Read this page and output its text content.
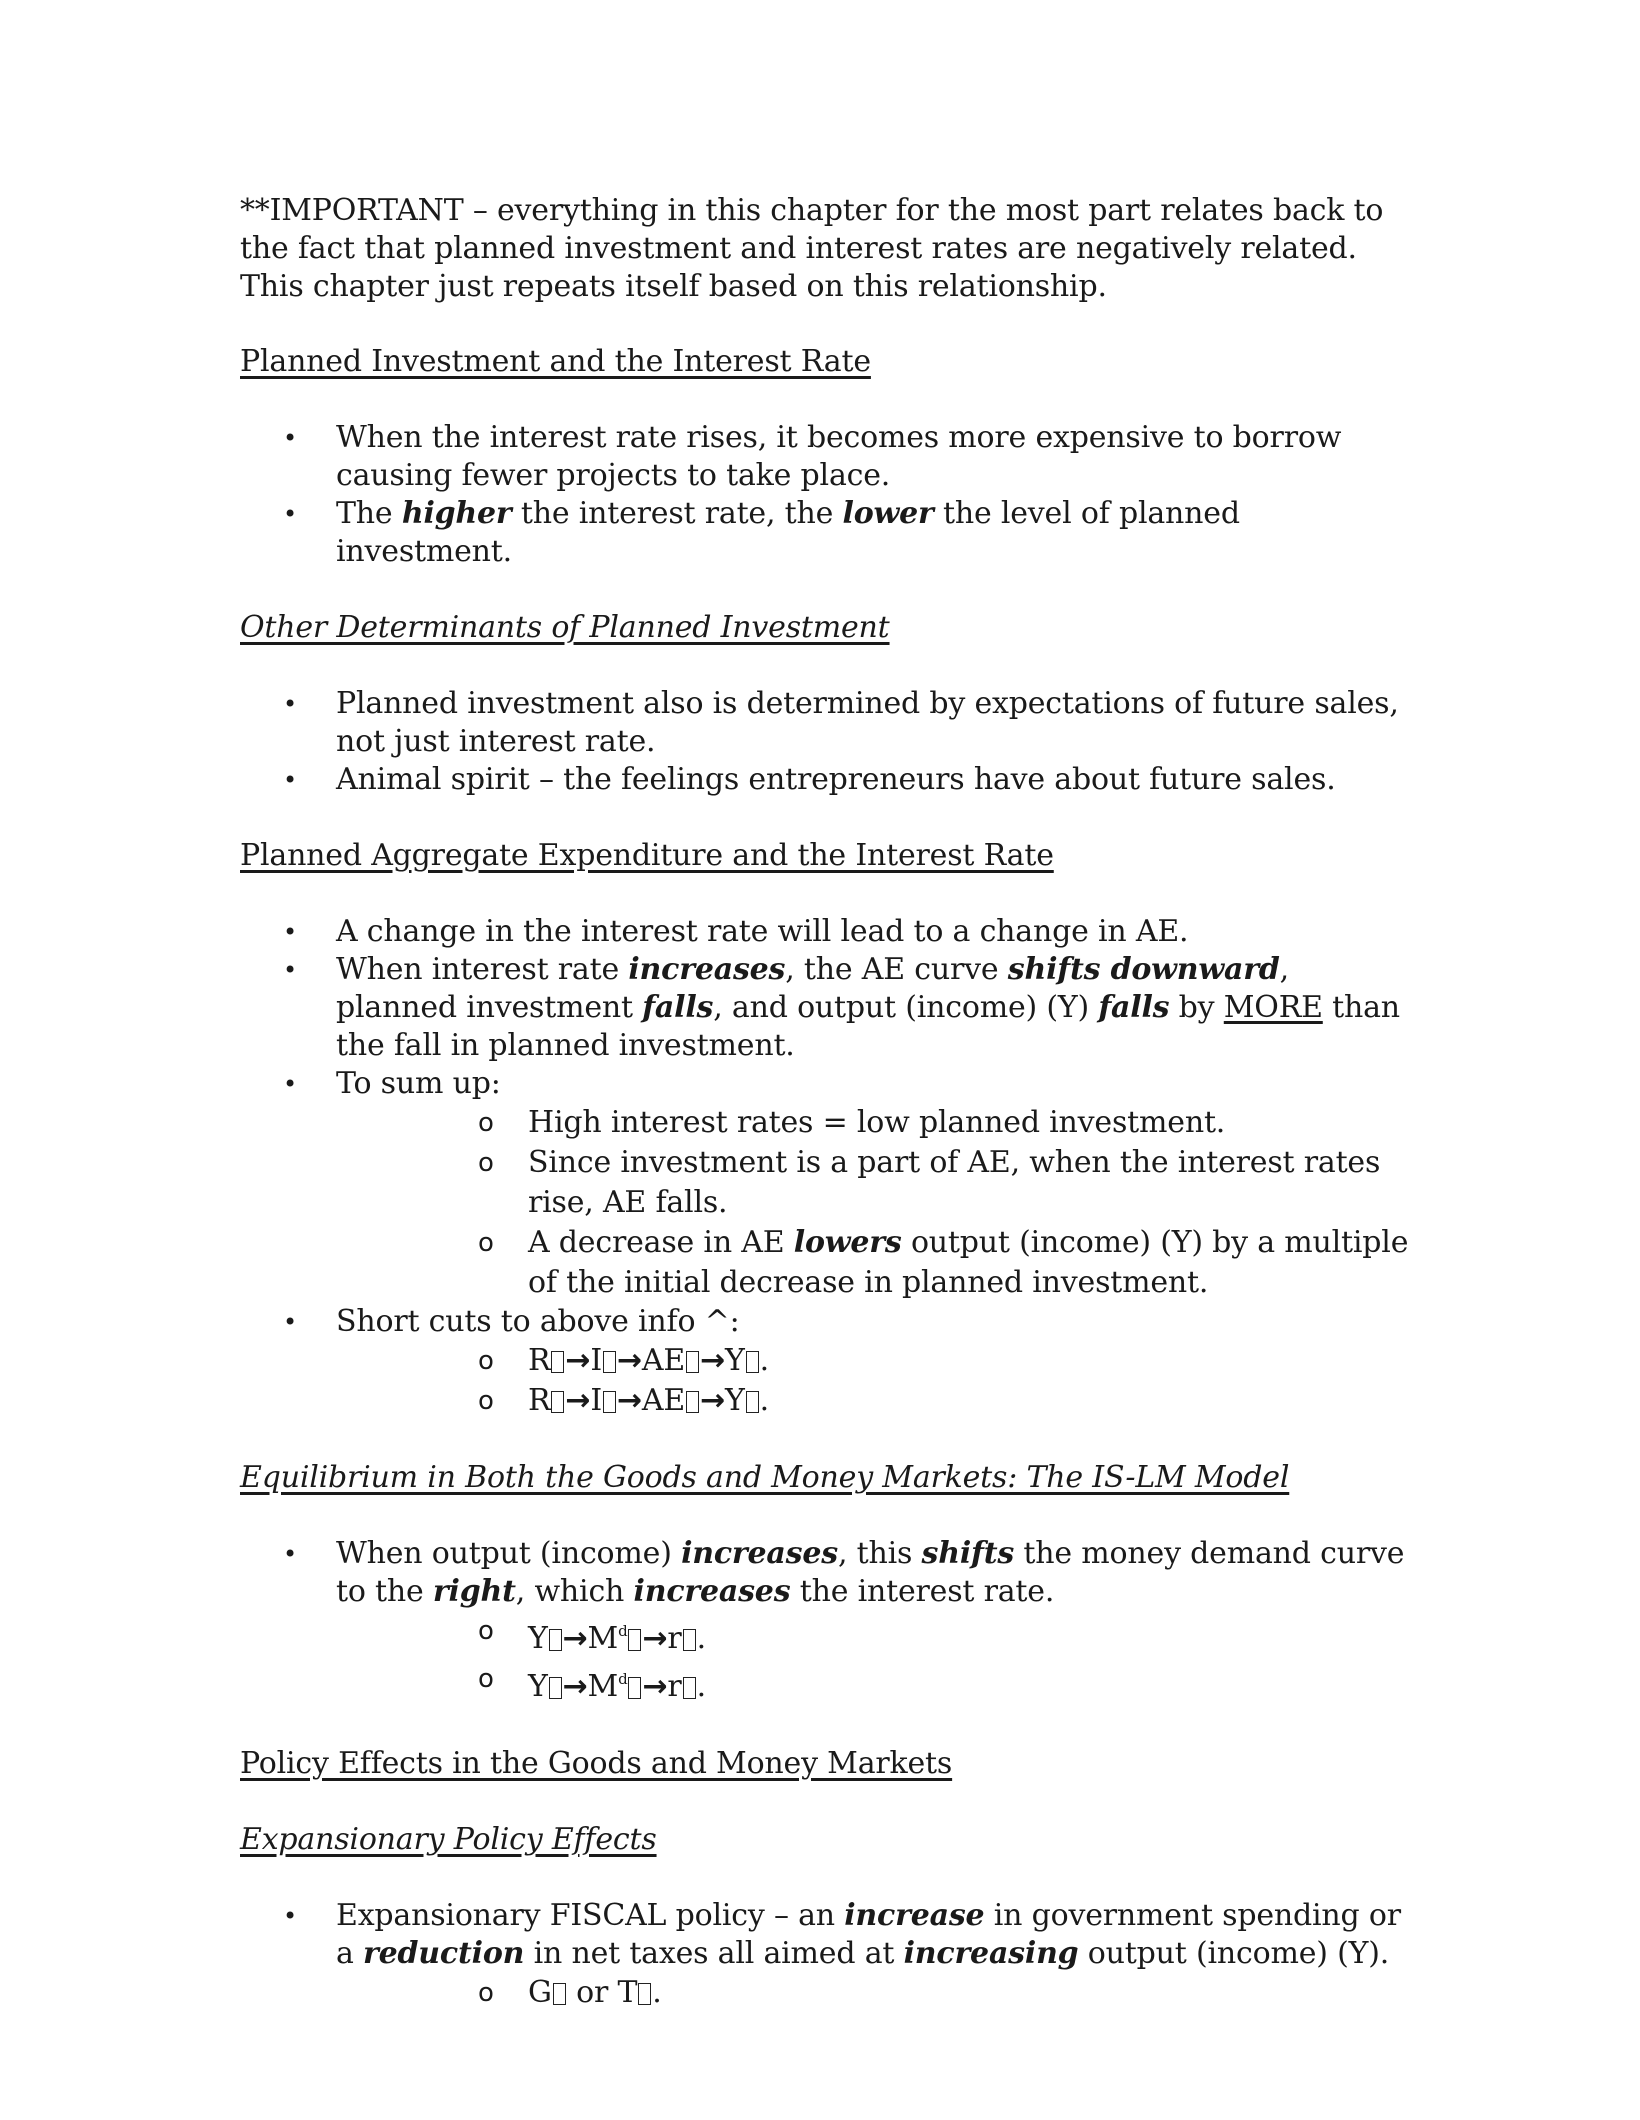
**IMPORTANT – everything in this chapter for the most part relates back to the fact that planned investment and interest rates are negatively related. This chapter just repeats itself based on this relationship.

Planned Investment and the Interest Rate

• When the interest rate rises, it becomes more expensive to borrow causing fewer projects to take place.
• The higher the interest rate, the lower the level of planned investment.

Other Determinants of Planned Investment

• Planned investment also is determined by expectations of future sales, not just interest rate.
• Animal spirit – the feelings entrepreneurs have about future sales.

Planned Aggregate Expenditure and the Interest Rate

• A change in the interest rate will lead to a change in AE.
• When interest rate increases, the AE curve shifts downward, planned investment falls, and output (income) (Y) falls by MORE than the fall in planned investment.
• To sum up:
o High interest rates = low planned investment.
o Since investment is a part of AE, when the interest rates rise, AE falls.
o A decrease in AE lowers output (income) (Y) by a multiple of the initial decrease in planned investment.
• Short cuts to above info ^:
o R →I →AE →Y .
o R →I →AE →Y .

Equilibrium in Both the Goods and Money Markets: The IS-LM Model

• When output (income) increases, this shifts the money demand curve to the right, which increases the interest rate.
o $Y \to M^d \to r$ .
o $Y \to M^d \to r$ .

Policy Effects in the Goods and Money Markets

Expansionary Policy Effects

• Expansionary FISCAL policy – an increase in government spending or a reduction in net taxes all aimed at increasing output (income) (Y).
o G or T .
